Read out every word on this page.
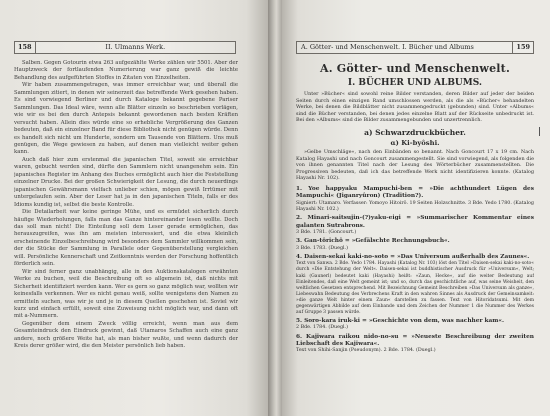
158	II. Ulmanns Werk.

Salben. Gegen Gotourin etwa 263 aufgezählte Werke zählen wir 5501. Aber der Hauptzweck der fortlaufenden Numerierung war ganz gewiß die leichte Behandlung des aufgeführten Stoffes in Zitaten von Einzelheiten.

Wir haben zusammengetragen, was immer erreichbar war, und überall die Sammlungen zitiert, in denen wir seinerzeit das betreffende Werk gesehen haben. Es sind vorwiegend Berliner und durch Kataloge bekannt gegebene Pariser Sammlungen. Das Ideal wäre, wenn alle Blätter einzeln so beschrieben vorlägen, wie wir es bei den durch Antepsis bekannt gewordenen nach besten Kräften versucht haben. Allein dies würde eine so erhebliche Vergrößerung des Ganzen bedeuten, daß ein einzelner Band für diese Bibliothek nicht genügen würde. Denn es handelt sich nicht um Hunderte, sondern um Tausende von Blättern. Uns muß genügen, die Wege gewiesen zu haben, auf denen man vielleicht weiter gehen kann.

Auch daß hier zum erstenmal die japanischen Titel, soweit sie erreichbar waren, gebucht werden sind, dürfte den Sammlern nicht unangenehm sein. Ein japanisches Register im Anhang des Buches ermöglicht auch hier die Feststellung einzelner Drucke. Bei der großen Schwierigkeit der Lesung, die durch neuerdings japanischen Gewährsmann vielfach unlieber schien, mögen gewiß Irrtümer mit untergelaufen sein. Aber der Leser hat ja in den japanischen Titeln, falls er des Idioms kundig ist, selbst die beste Kontrolle.

Die Detailarbeit war keine geringe Mühe, und es ermüdet sicherlich durch häufige Wiederholungen, falls man das Ganze hintereinander lesen wollte. Doch das soll man nicht! Die Einteilung soll dem Leser gerade ermöglichen, das herauszugreifen, was ihn am meisten interessiert, und die etwa kleinlich erscheinende Einzelbeschreibung wird besonders dem Sammler willkommen sein, der die Stücke der Sammlung in Parallele oder Gegenüberstellung vergleichen will. Persönliche Kennerschaft und Zeitkenntnis werden der Forschung hoffentlich förderlich sein.

Wir sind ferner ganz unabhängig, alle in den Auktionskatalogen erwähnten Werke zu buchen, weil die Beschreibung oft so allgemein ist, daß nichts mit Sicherheit identifiziert werden kann. Wer es gern so ganz möglich war, wollten wir keinesfalls verkennen. Wer es nicht genau weiß, sollte wenigstens den Namen zu ermitteln suchen, was wir je und je in diesem Quellen geschehen ist. Soviel wir kurz und einfach erfüllt, soweit eine Zuweisung nicht möglich war, und dann oft mit a-Nummern.

Gegenüber dem einem Zweck völlig erreicht, wenn man aus dem Gesamteindruck den Eindruck gewinnt, daß Utamaros Schaffen auch eine ganz andere, noch größere Weite hat, als man bisher wußte, und wenn dadurch der Kreis derer größer wird, die den Meister persönlich lieb haben.

A. Götter- und Menschenwelt. I. Bücher und Albums	159
A. Götter- und Menschenwelt.
I. BÜCHER UND ALBUMS.

Unter »Bücher« sind sowohl reine Bilder verstanden, deren Bilder auf jeder der beiden Seiten durch einen einzigen Rand umschlossen werden, als die als »Bücher« behandelten Werke, bei denen die Bildblätter nicht zusammengedruckt (gebunden) sind. Unter »Albums« sind die Bücher verstanden, bei denen jedes einzelne Blatt auf der Rückseite unbedruckt ist. Bei den »Albums« sind die Bilder zusammengebunden und unzertrennlich.

a) Schwarzdruckbücher.
α) Ki-byôshi.

»Gelbe Umschläge«, nach den Einbänden so benannt. Nach Goncourt 17 x 19 cm. Nach Katalog Hayashi und nach Goncourt zusammengestellt. Sie sind vorwiegend, als folgenden die von ihnen genannten Titel nach der Lesung des Wörterbücher zusammenstellten. Die Progressiven bedeuten, daß ich das betreffende Werk nicht identifizieren konnte. (Katalog Hayashi Nr. 102).

1. Yoe happyaku Mampuchi-ben = »Die achthundert Lügen des Mampuchi« (Jiganryûron) (Tradition?).
Signiert: Utamaro. Verfasser: Yomoyo Hitoirô. 19 Seiten Holzschnitte. 3 Bde. Yedo 1780. (Katalog Hayashi Nr. 102.)
2. Minari-saitsujin-(?)yaku-eigi = »Summarischer Kommentar eines galanten Sutrabrons.
3 Bde. 1781. (Goncourt.)
3. Gan-tôrichô = »Gefälschte Rechnungsbuch«.
3 Bde. 1783. (Duegl.)
4. Daisen-sekai kaki-no-soto = »Das Universum außerhalb des Zaunes«.
Text von Sanwa. 2 Bde. Yedo 1784. Hayashi (Katalog Nr. 103) löst den Titel »Daisen-sekai kaki-no-soto« durch »Die Entstehung der Welt«. Daisen-sekai ist buddhistischer Ausdruck für »Universum«, Welt; kaki (Gaunerl) bedeutet kaki (Hayashi) heißt: »Zaun, Hecke«, auf die weiter Bedeutung auf Einleitendes, daß eine Welt gemeint ist; und so, durch das geschichtliche auf, was seine Weisheit, den weltlichen Gesetzen entsprechend. Mit Bezeichnung Gemeint Beschreiben »Das Universum als ganze«, Liebeswahn Bedeutung des Verbrechens Kraft in den wahren Sinnes als Ausdruck der Gemeinsamkeit: »die ganze Welt hinter einem Zaun« darstellen zu fassen. Text von Hitoridatsumi. Mit dem gegenwärtigen Abbilde auf dem Einbande und dem Zeichen der Nummer 1 die Nummer des Werkes auf Gruppe 3 passen würde.
5. Soro-kara iruk-ki = »Geschichte von dem, was nachher kam«.
2 Bde. 1784. (Duegl.)
6. Kajiwara raikou nido-no-su = »Neueste Beschreibung der zweiten Liebschaft des Kajiwara«.
Text von Shihi-Sanjin (Pseudonym). 2 Bde. 1784. (Duegl.)
